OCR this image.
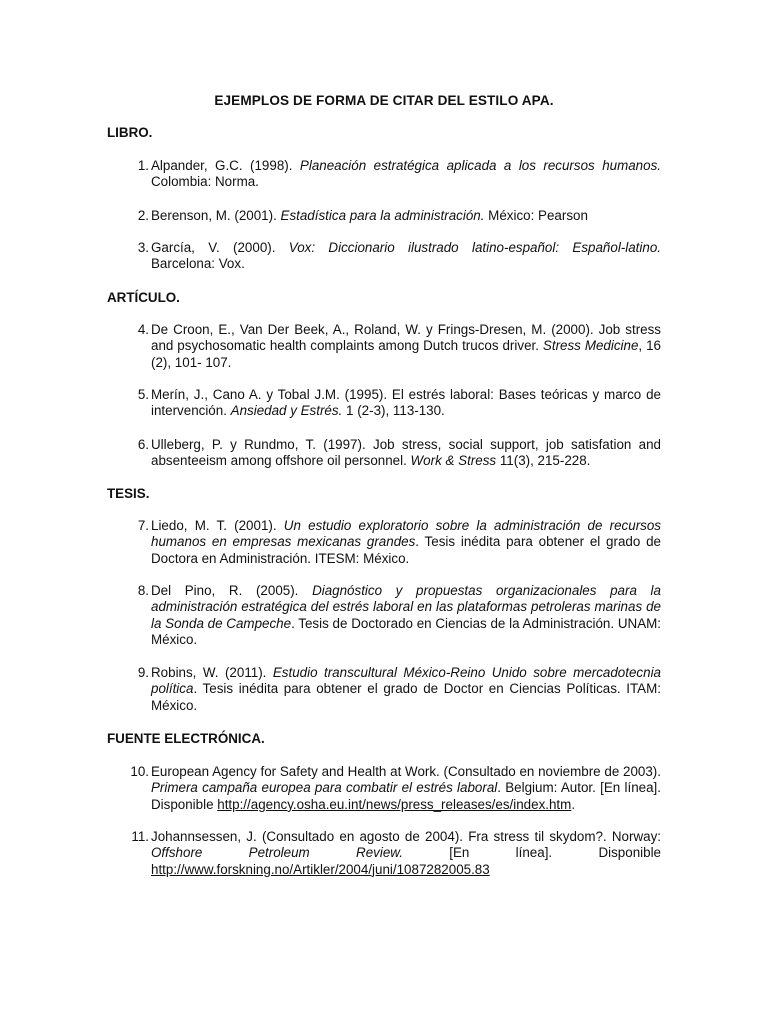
EJEMPLOS DE FORMA DE CITAR DEL ESTILO APA.
LIBRO.
1. Alpander, G.C. (1998). Planeación estratégica aplicada a los recursos humanos. Colombia: Norma.
2. Berenson, M. (2001). Estadística para la administración. México: Pearson
3. García, V. (2000). Vox: Diccionario ilustrado latino-español: Español-latino. Barcelona: Vox.
ARTÍCULO.
4. De Croon, E., Van Der Beek, A., Roland, W. y Frings-Dresen, M. (2000). Job stress and psychosomatic health complaints among Dutch trucos driver. Stress Medicine, 16 (2), 101- 107.
5. Merín, J., Cano A. y Tobal J.M. (1995). El estrés laboral: Bases teóricas y marco de intervención. Ansiedad y Estrés. 1 (2-3), 113-130.
6. Ulleberg, P. y Rundmo, T. (1997). Job stress, social support, job satisfation and absenteeism among offshore oil personnel. Work & Stress 11(3), 215-228.
TESIS.
7. Liedo, M. T. (2001). Un estudio exploratorio sobre la administración de recursos humanos en empresas mexicanas grandes. Tesis inédita para obtener el grado de Doctora en Administración. ITESM: México.
8. Del Pino, R. (2005). Diagnóstico y propuestas organizacionales para la administración estratégica del estrés laboral en las plataformas petroleras marinas de la Sonda de Campeche. Tesis de Doctorado en Ciencias de la Administración. UNAM: México.
9. Robins, W. (2011). Estudio transcultural México-Reino Unido sobre mercadotecnia política. Tesis inédita para obtener el grado de Doctor en Ciencias Políticas. ITAM: México.
FUENTE ELECTRÓNICA.
10. European Agency for Safety and Health at Work. (Consultado en noviembre de 2003). Primera campaña europea para combatir el estrés laboral. Belgium: Autor. [En línea]. Disponible http://agency.osha.eu.int/news/press_releases/es/index.htm.
11. Johannsessen, J. (Consultado en agosto de 2004). Fra stress til skydom?. Norway: Offshore Petroleum Review. [En línea]. Disponible http://www.forskning.no/Artikler/2004/juni/1087282005.83
